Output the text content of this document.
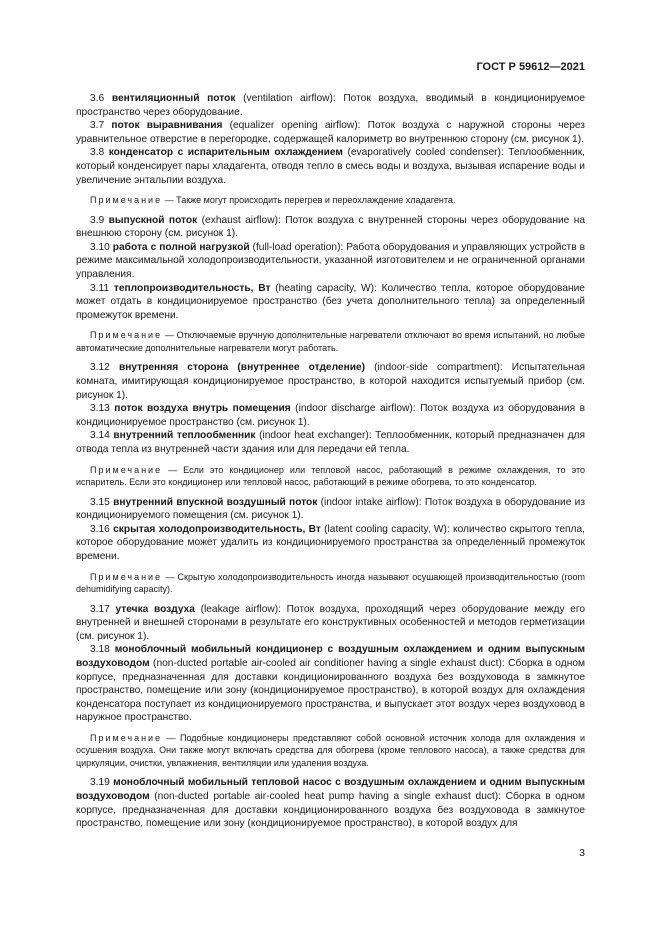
ГОСТ Р 59612—2021

3.6 вентиляционный поток (ventilation airflow): Поток воздуха, вводимый в кондиционируемое пространство через оборудование.

3.7 поток выравнивания (equalizer opening airflow): Поток воздуха с наружной стороны через уравнительное отверстие в перегородке, содержащей калориметр во внутреннюю сторону (см. рисунок 1).

3.8 конденсатор с испарительным охлаждением (evaporatively cooled condenser): Теплообменник, который конденсирует пары хладагента, отводя тепло в смесь воды и воздуха, вызывая испарение воды и увеличение энтальпии воздуха.

Примечание — Также могут происходить перегрев и переохлаждение хладагента.

3.9 выпускной поток (exhaust airflow): Поток воздуха с внутренней стороны через оборудование на внешнюю сторону (см. рисунок 1).

3.10 работа с полной нагрузкой (full-load operation): Работа оборудования и управляющих устройств в режиме максимальной холодопроизводительности, указанной изготовителем и не ограниченной органами управления.

3.11 теплопроизводительность, Вт (heating capacity, W): Количество тепла, которое оборудование может отдать в кондиционируемое пространство (без учета дополнительного тепла) за определенный промежуток времени.

Примечание — Отключаемые вручную дополнительные нагреватели отключают во время испытаний, но любые автоматические дополнительные нагреватели могут работать.

3.12 внутренняя сторона (внутреннее отделение) (indoor-side compartment): Испытательная комната, имитирующая кондиционируемое пространство, в которой находится испытуемый прибор (см. рисунок 1).

3.13 поток воздуха внутрь помещения (indoor discharge airflow): Поток воздуха из оборудования в кондиционируемое пространство (см. рисунок 1).

3.14 внутренний теплообменник (indoor heat exchanger): Теплообменник, который предназначен для отвода тепла из внутренней части здания или для передачи ей тепла.

Примечание — Если это кондиционер или тепловой насос, работающий в режиме охлаждения, то это испаритель. Если это кондиционер или тепловой насос, работающий в режиме обогрева, то это конденсатор.

3.15 внутренний впускной воздушный поток (indoor intake airflow): Поток воздуха в оборудование из кондиционируемого помещения (см. рисунок 1).

3.16 скрытая холодопроизводительность, Вт (latent cooling capacity, W): количество скрытого тепла, которое оборудование может удалить из кондиционируемого пространства за определенный промежуток времени.

Примечание — Скрытую холодопроизводительность иногда называют осушающей производительностью (room dehumidifying capacity).

3.17 утечка воздуха (leakage airflow): Поток воздуха, проходящий через оборудование между его внутренней и внешней сторонами в результате его конструктивных особенностей и методов герметизации (см. рисунок 1).

3.18 моноблочный мобильный кондиционер с воздушным охлаждением и одним выпускным воздуховодом (non-ducted portable air-cooled air conditioner having a single exhaust duct): Сборка в одном корпусе, предназначенная для доставки кондиционированного воздуха без воздуховода в замкнутое пространство, помещение или зону (кондиционируемое пространство), в которой воздух для охлаждения конденсатора поступает из кондиционируемого пространства, и выпускает этот воздух через воздуховод в наружное пространство.

Примечание — Подобные кондиционеры представляют собой основной источник холода для охлаждения и осушения воздуха. Они также могут включать средства для обогрева (кроме теплового насоса), а также средства для циркуляции, очистки, увлажнения, вентиляции или удаления воздуха.

3.19 моноблочный мобильный тепловой насос с воздушным охлаждением и одним выпускным воздуховодом (non-ducted portable air-cooled heat pump having a single exhaust duct): Сборка в одном корпусе, предназначенная для доставки кондиционированного воздуха без воздуховода в замкнутое пространство, помещение или зону (кондиционируемое пространство), в которой воздух для

3
